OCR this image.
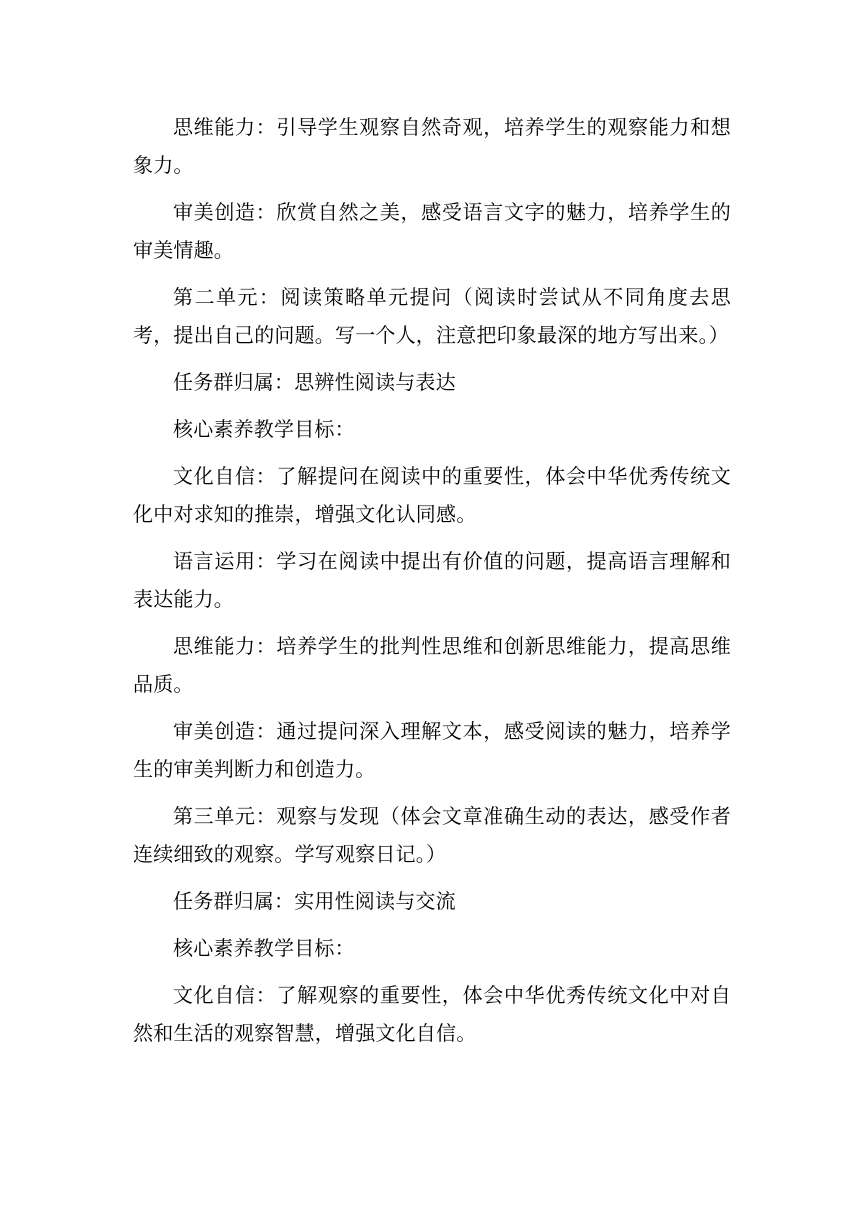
思维能力：引导学生观察自然奇观，培养学生的观察能力和想象力。

审美创造：欣赏自然之美，感受语言文字的魅力，培养学生的审美情趣。

第二单元：阅读策略单元提问（阅读时尝试从不同角度去思考，提出自己的问题。写一个人，注意把印象最深的地方写出来。）

任务群归属：思辨性阅读与表达

核心素养教学目标：

文化自信：了解提问在阅读中的重要性，体会中华优秀传统文化中对求知的推崇，增强文化认同感。

语言运用：学习在阅读中提出有价值的问题，提高语言理解和表达能力。

思维能力：培养学生的批判性思维和创新思维能力，提高思维品质。

审美创造：通过提问深入理解文本，感受阅读的魅力，培养学生的审美判断力和创造力。

第三单元：观察与发现（体会文章准确生动的表达，感受作者连续细致的观察。学写观察日记。）

任务群归属：实用性阅读与交流

核心素养教学目标：

文化自信：了解观察的重要性，体会中华优秀传统文化中对自然和生活的观察智慧，增强文化自信。
